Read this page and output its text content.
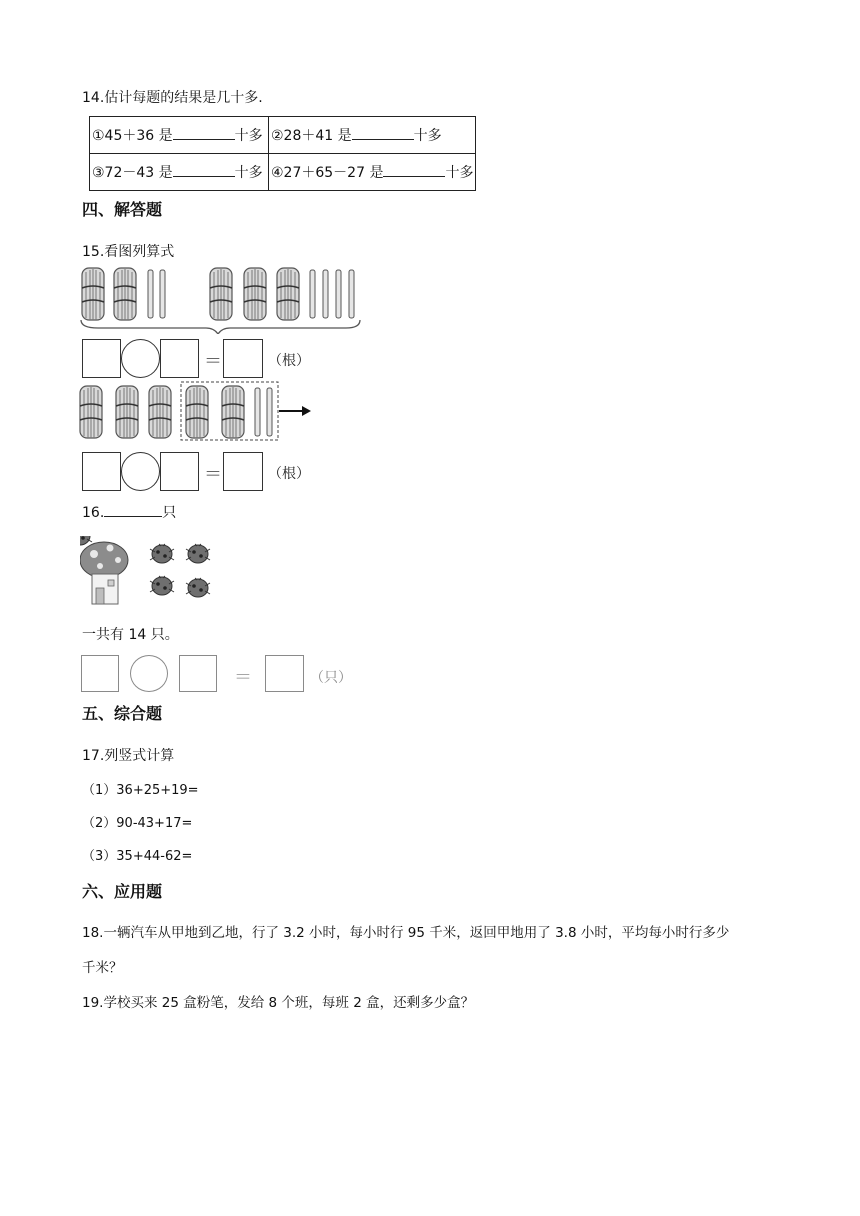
14.估计每题的结果是几十多.
①45＋36 是 十多	②28＋41 是 十多
③72－43 是 十多	④27＋65－27 是 十多
四、解答题
15.看图列算式
＝	（根）
＝	（根）
16.	只
一共有 14 只。
＝	（只）
五、综合题
17.列竖式计算
（1）36+25+19=
（2）90-43+17=
（3）35+44-62=
六、应用题
18.一辆汽车从甲地到乙地，行了 3.2 小时，每小时行 95 千米，返回甲地用了 3.8 小时，平均每小时行多少
千米？
19.学校买来 25 盒粉笔，发给 8 个班，每班 2 盒，还剩多少盒？
